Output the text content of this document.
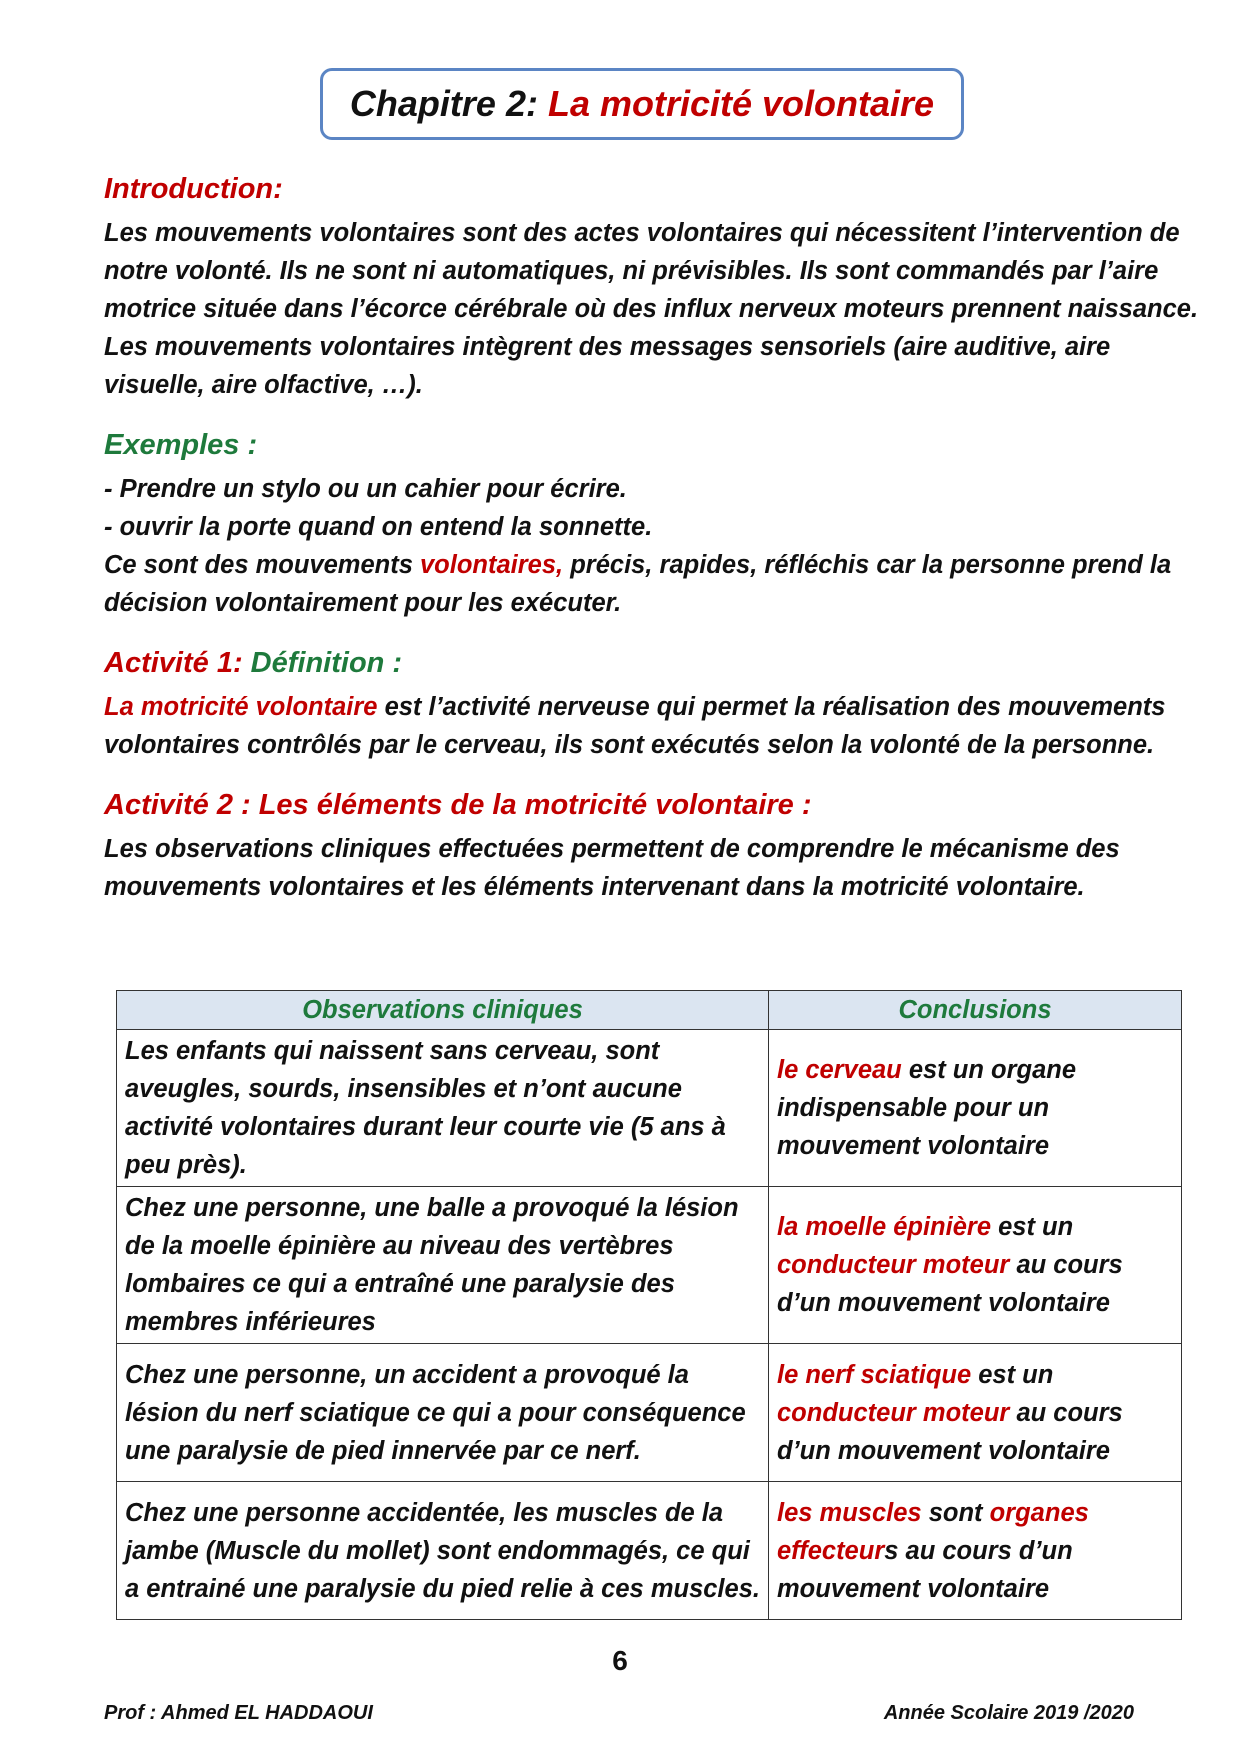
Chapitre 2: La motricité volontaire
Introduction:

Les mouvements volontaires sont des actes volontaires qui nécessitent l’intervention de notre volonté. Ils ne sont ni automatiques, ni prévisibles. Ils sont commandés par l’aire motrice située dans l’écorce cérébrale où des influx nerveux moteurs prennent naissance.

Les mouvements volontaires intègrent des messages sensoriels (aire auditive, aire visuelle, aire olfactive, …).

Exemples :

- Prendre un stylo ou un cahier pour écrire.

- ouvrir la porte quand on entend la sonnette.

Ce sont des mouvements volontaires, précis, rapides, réfléchis car la personne prend la décision volontairement pour les exécuter.

Activité 1: Définition :

La motricité volontaire est l’activité nerveuse qui permet la réalisation des mouvements volontaires contrôlés par le cerveau, ils sont exécutés selon la volonté de la personne.

Activité 2 : Les éléments de la motricité volontaire :

Les observations cliniques effectuées permettent de comprendre le mécanisme des mouvements volontaires et les éléments intervenant dans la motricité volontaire.

Observations cliniques	Conclusions
Les enfants qui naissent sans cerveau, sont aveugles, sourds, insensibles et n’ont aucune activité volontaires durant leur courte vie (5 ans à peu près).	le cerveau est un organe indispensable pour un mouvement volontaire
Chez une personne, une balle a provoqué la lésion de la moelle épinière au niveau des vertèbres lombaires ce qui a entraîné une paralysie des membres inférieures	la moelle épinière est un conducteur moteur au cours d’un mouvement volontaire
Chez une personne, un accident a provoqué la lésion du nerf sciatique ce qui a pour conséquence une paralysie de pied innervée par ce nerf.	le nerf sciatique est un conducteur moteur au cours d’un mouvement volontaire
Chez une personne accidentée, les muscles de la jambe (Muscle du mollet) sont endommagés, ce qui a entrainé une paralysie du pied relie à ces muscles.	les muscles sont organes effecteurs au cours d’un mouvement volontaire
6
Prof : Ahmed EL HADDAOUI	Année Scolaire 2019 /2020
